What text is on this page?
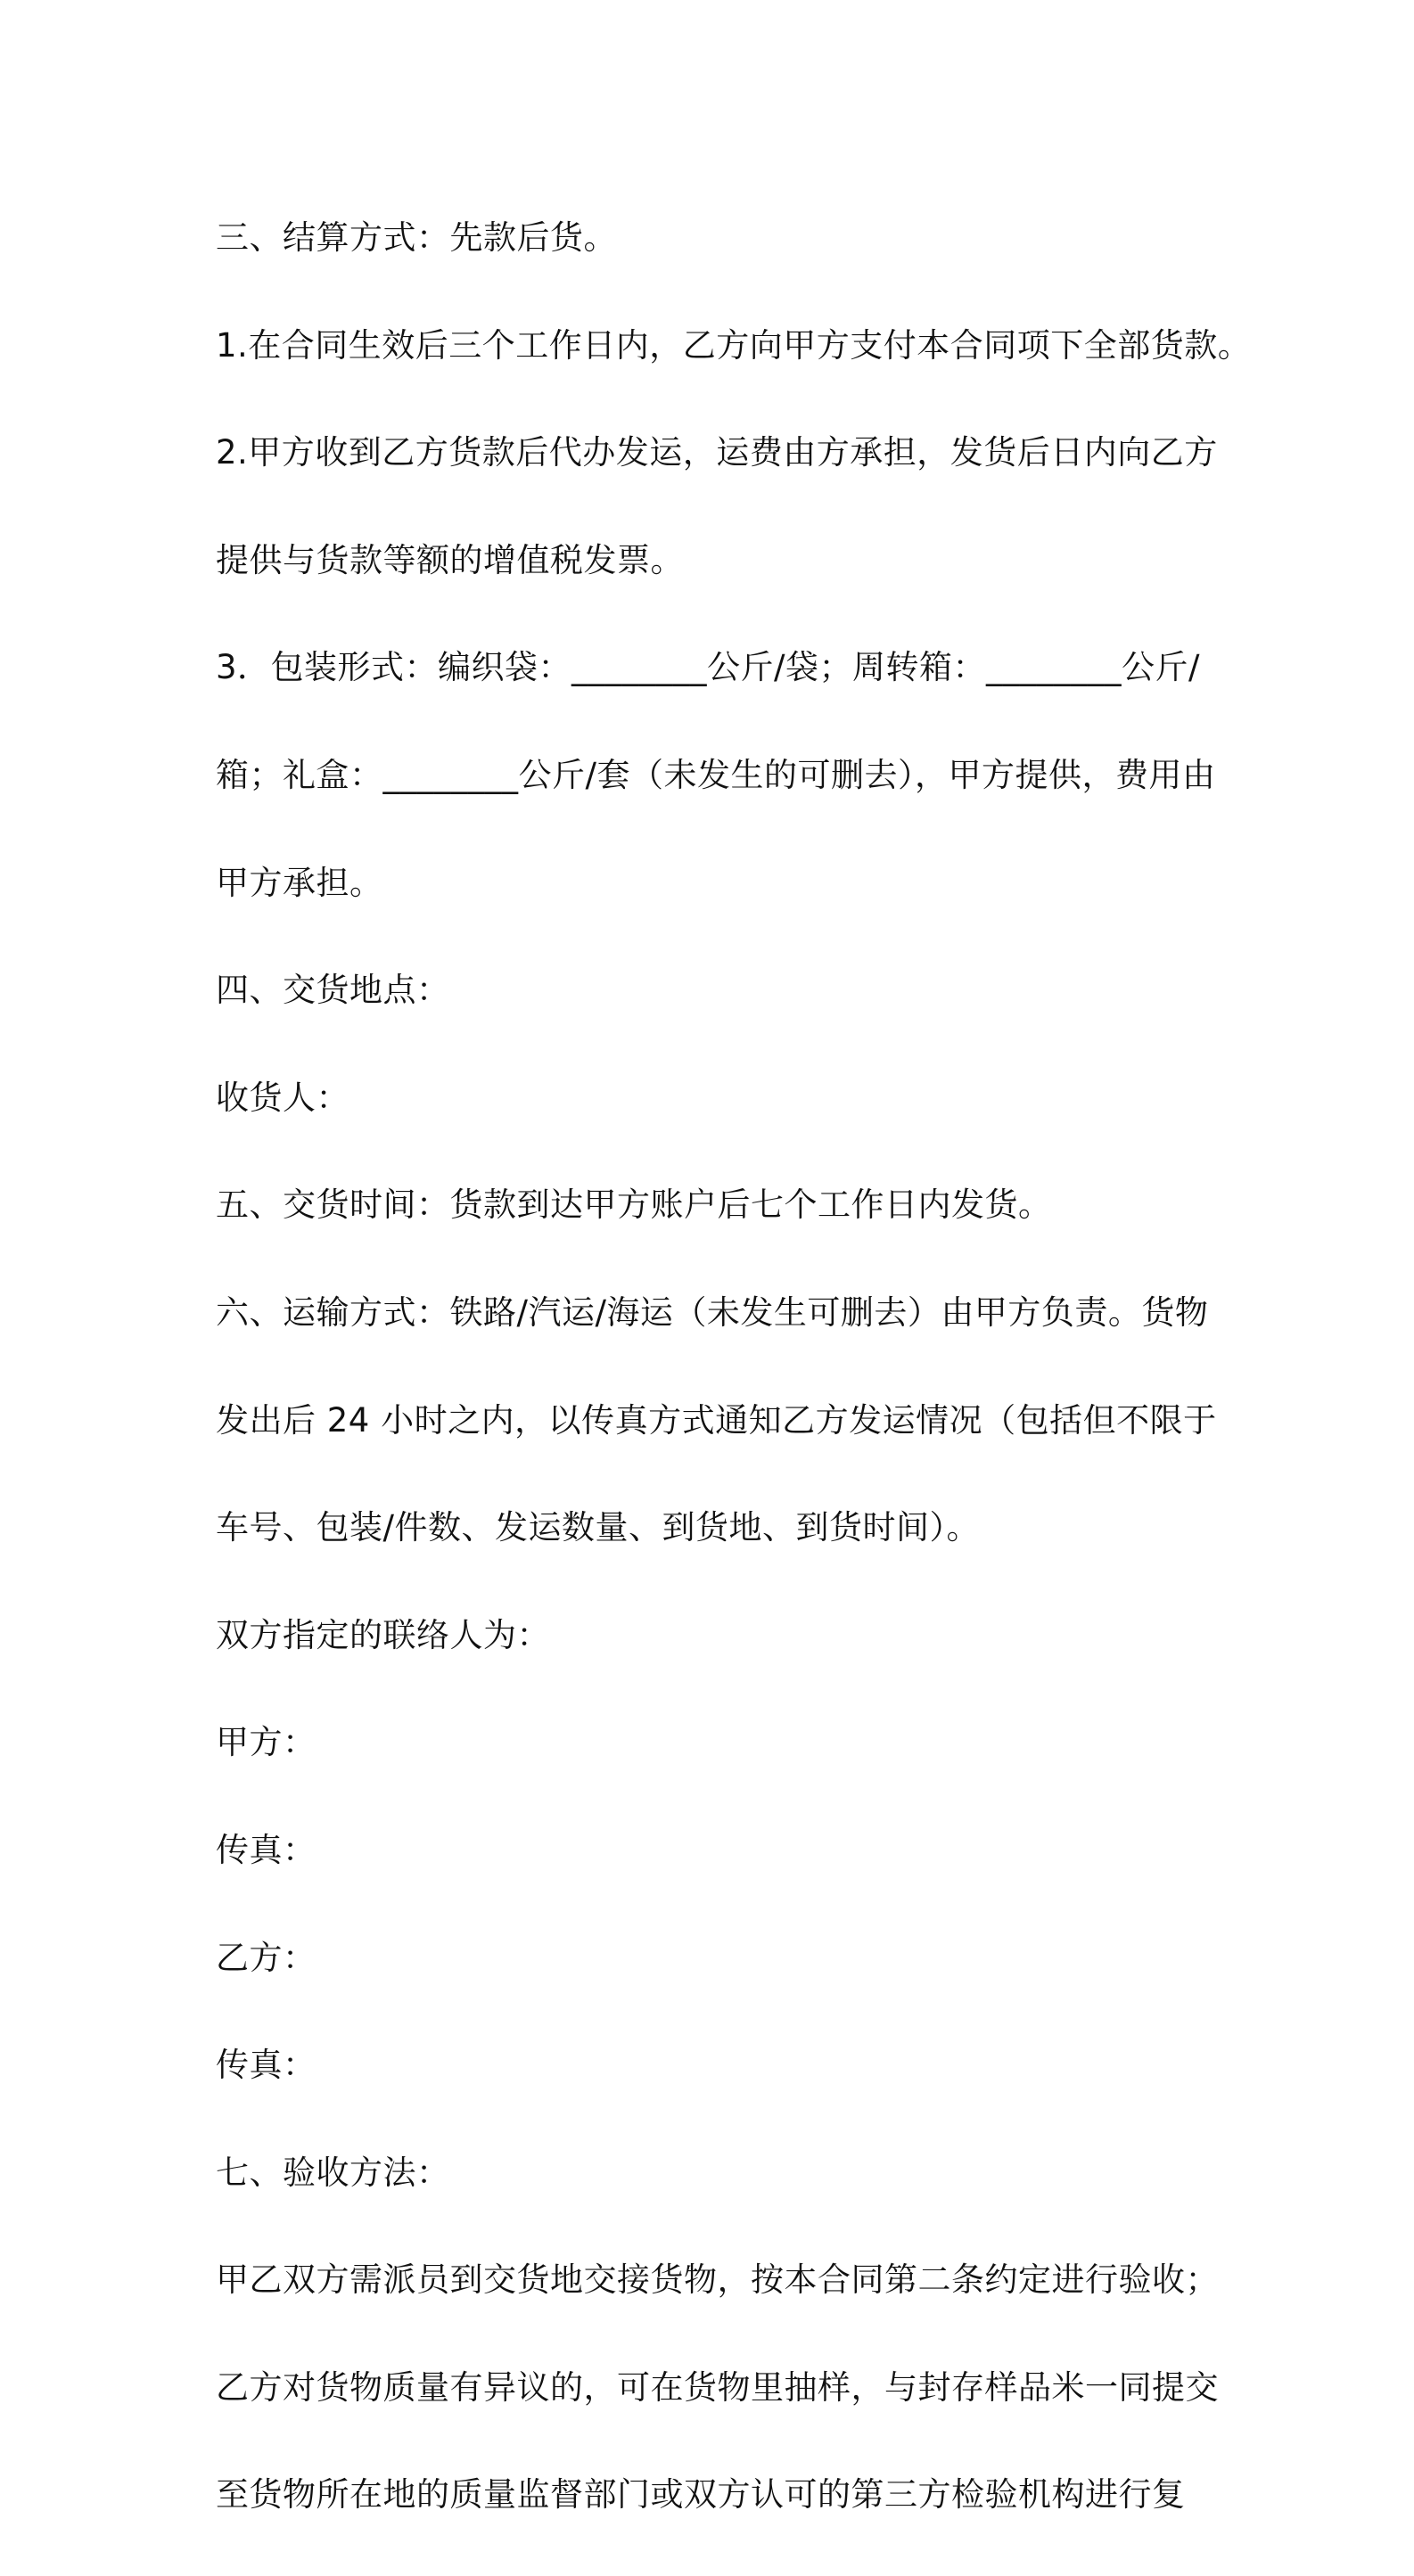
三、结算方式：先款后货。

1.在合同生效后三个工作日内，乙方向甲方支付本合同项下全部货款。

2.甲方收到乙方货款后代办发运，运费由方承担，发货后日内向乙方

提供与货款等额的增值税发票。

3．包装形式：编织袋：________公斤/袋；周转箱：________公斤/

箱；礼盒：________公斤/套（未发生的可删去），甲方提供，费用由

甲方承担。

四、交货地点：

收货人：

五、交货时间：货款到达甲方账户后七个工作日内发货。

六、运输方式：铁路/汽运/海运（未发生可删去）由甲方负责。货物

发出后 24 小时之内，以传真方式通知乙方发运情况（包括但不限于

车号、包装/件数、发运数量、到货地、到货时间）。

双方指定的联络人为：

甲方：

传真：

乙方：

传真：

七、验收方法：

甲乙双方需派员到交货地交接货物，按本合同第二条约定进行验收；

乙方对货物质量有异议的，可在货物里抽样，与封存样品米一同提交

至货物所在地的质量监督部门或双方认可的第三方检验机构进行复
